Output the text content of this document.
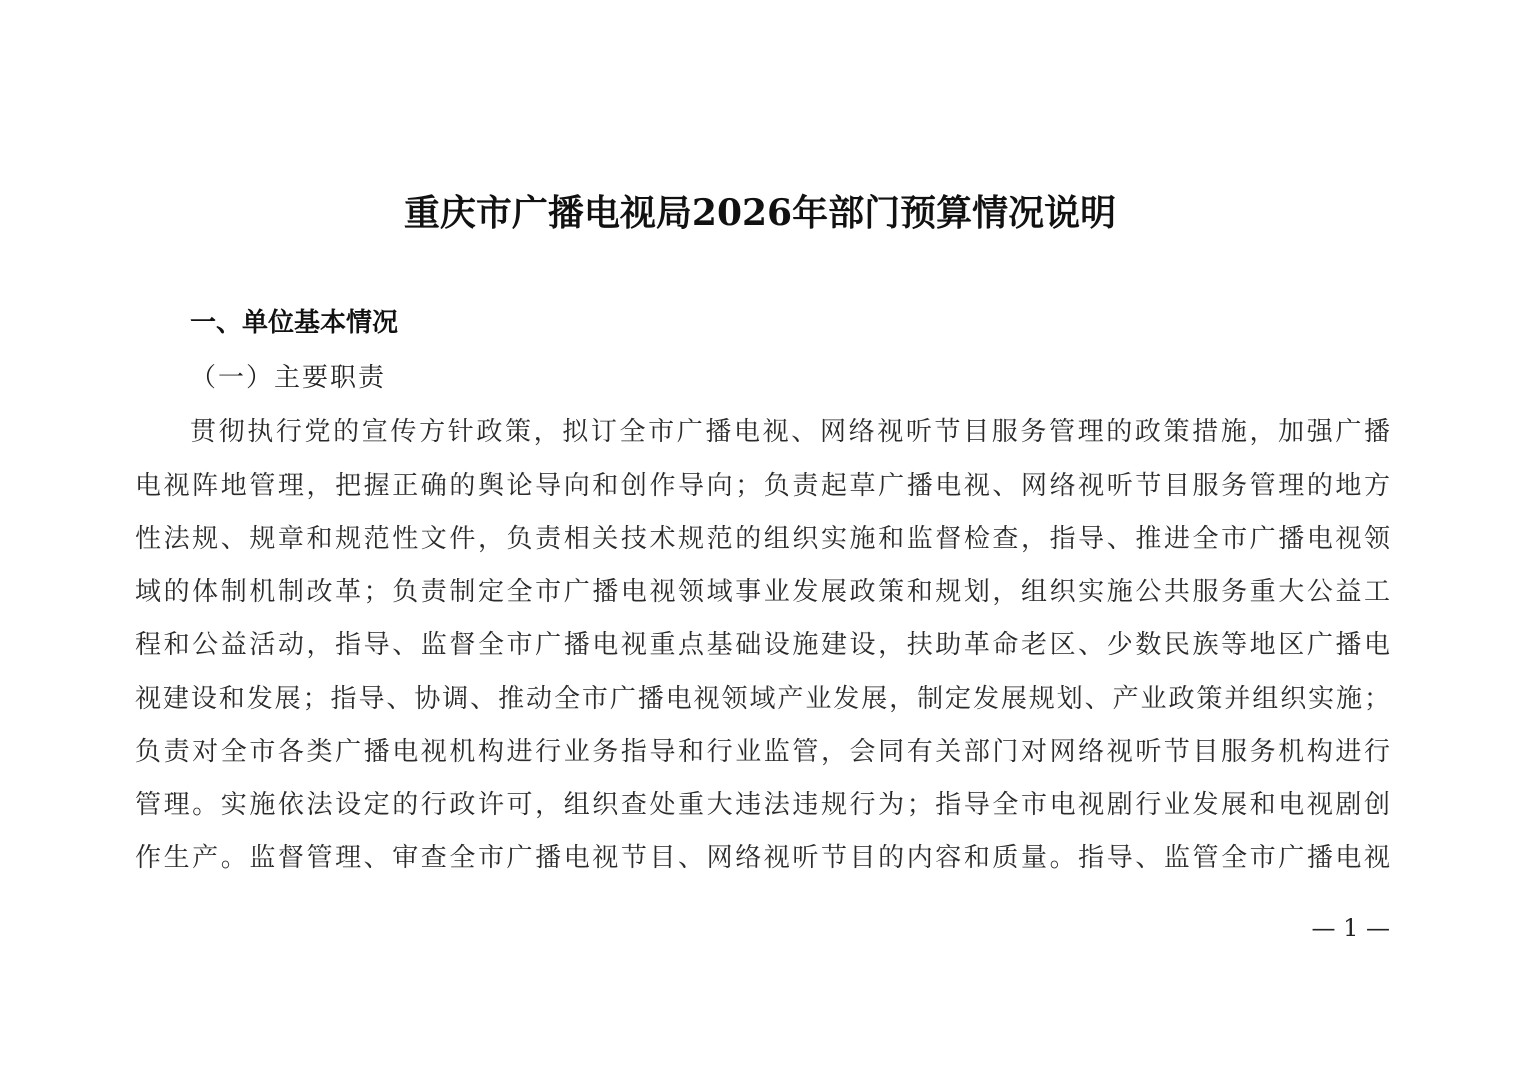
重庆市广播电视局2026年部门预算情况说明
一、单位基本情况
（一）主要职责
贯彻执行党的宣传方针政策，拟订全市广播电视、网络视听节目服务管理的政策措施，加强广播
电视阵地管理，把握正确的舆论导向和创作导向；负责起草广播电视、网络视听节目服务管理的地方
性法规、规章和规范性文件，负责相关技术规范的组织实施和监督检查，指导、推进全市广播电视领
域的体制机制改革；负责制定全市广播电视领域事业发展政策和规划，组织实施公共服务重大公益工
程和公益活动，指导、监督全市广播电视重点基础设施建设，扶助革命老区、少数民族等地区广播电
视建设和发展；指导、协调、推动全市广播电视领域产业发展，制定发展规划、产业政策并组织实施；
负责对全市各类广播电视机构进行业务指导和行业监管，会同有关部门对网络视听节目服务机构进行
管理。实施依法设定的行政许可，组织查处重大违法违规行为；指导全市电视剧行业发展和电视剧创
作生产。监督管理、审查全市广播电视节目、网络视听节目的内容和质量。指导、监管全市广播电视
— 1 —
